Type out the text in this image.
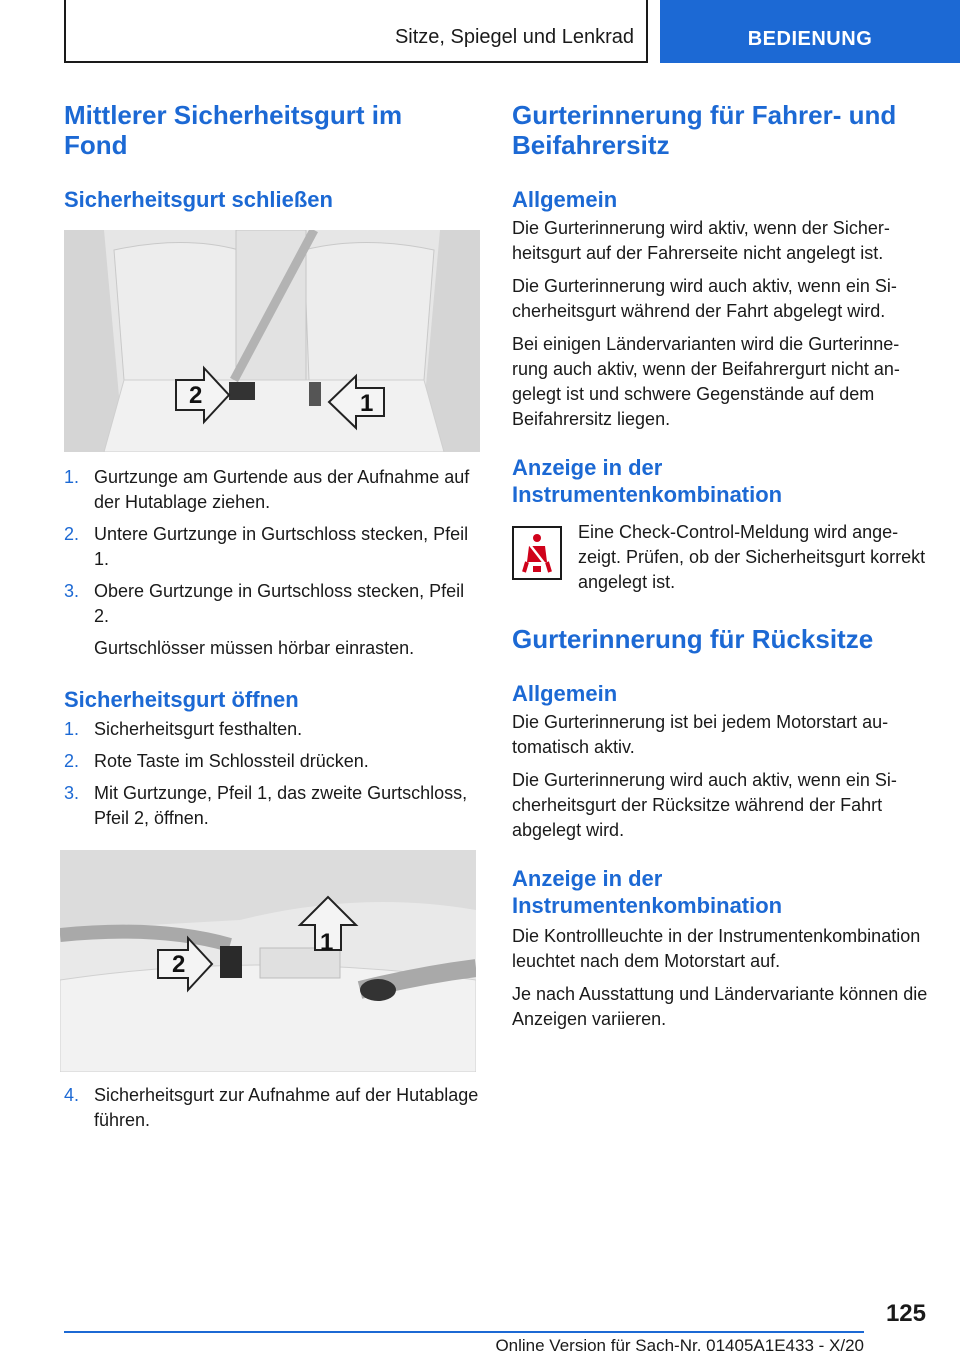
Sitze, Spiegel und Lenkrad	BEDIENUNG
Mittlerer Sicherheitsgurt im Fond
Sicherheitsgurt schließen
2	1
1. Gurtzunge am Gurtende aus der Aufnahme auf der Hutablage ziehen.
2. Untere Gurtzunge in Gurtschloss stecken, Pfeil 1.
3. Obere Gurtzunge in Gurtschloss stecken, Pfeil 2.

Gurtschlösser müssen hörbar einrasten.

Sicherheitsgurt öffnen
1. Sicherheitsgurt festhalten.
2. Rote Taste im Schlossteil drücken.
3. Mit Gurtzunge, Pfeil 1, das zweite Gurtschloss, Pfeil 2, öffnen.
2
1
4. Sicherheitsgurt zur Aufnahme auf der Hutablage führen.
Gurterinnerung für Fahrer- und Beifahrersitz
Allgemein

Die Gurterinnerung wird aktiv, wenn der Sicherheitsgurt auf der Fahrerseite nicht angelegt ist.

Die Gurterinnerung wird auch aktiv, wenn ein Sicherheitsgurt während der Fahrt abgelegt wird.

Bei einigen Ländervarianten wird die Gurterinnerung auch aktiv, wenn der Beifahrergurt nicht angelegt ist und schwere Gegenstände auf dem Beifahrersitz liegen.

Anzeige in der Instrumentenkombination

Eine Check-Control-Meldung wird angezeigt. Prüfen, ob der Sicherheitsgurt korrekt angelegt ist.

Gurterinnerung für Rücksitze
Allgemein

Die Gurterinnerung ist bei jedem Motorstart automatisch aktiv.

Die Gurterinnerung wird auch aktiv, wenn ein Sicherheitsgurt der Rücksitze während der Fahrt abgelegt wird.

Anzeige in der Instrumentenkombination

Die Kontrollleuchte in der Instrumentenkombination leuchtet nach dem Motorstart auf.

Je nach Ausstattung und Ländervariante können die Anzeigen variieren.

125
Online Version für Sach-Nr. 01405A1E433 - X/20
